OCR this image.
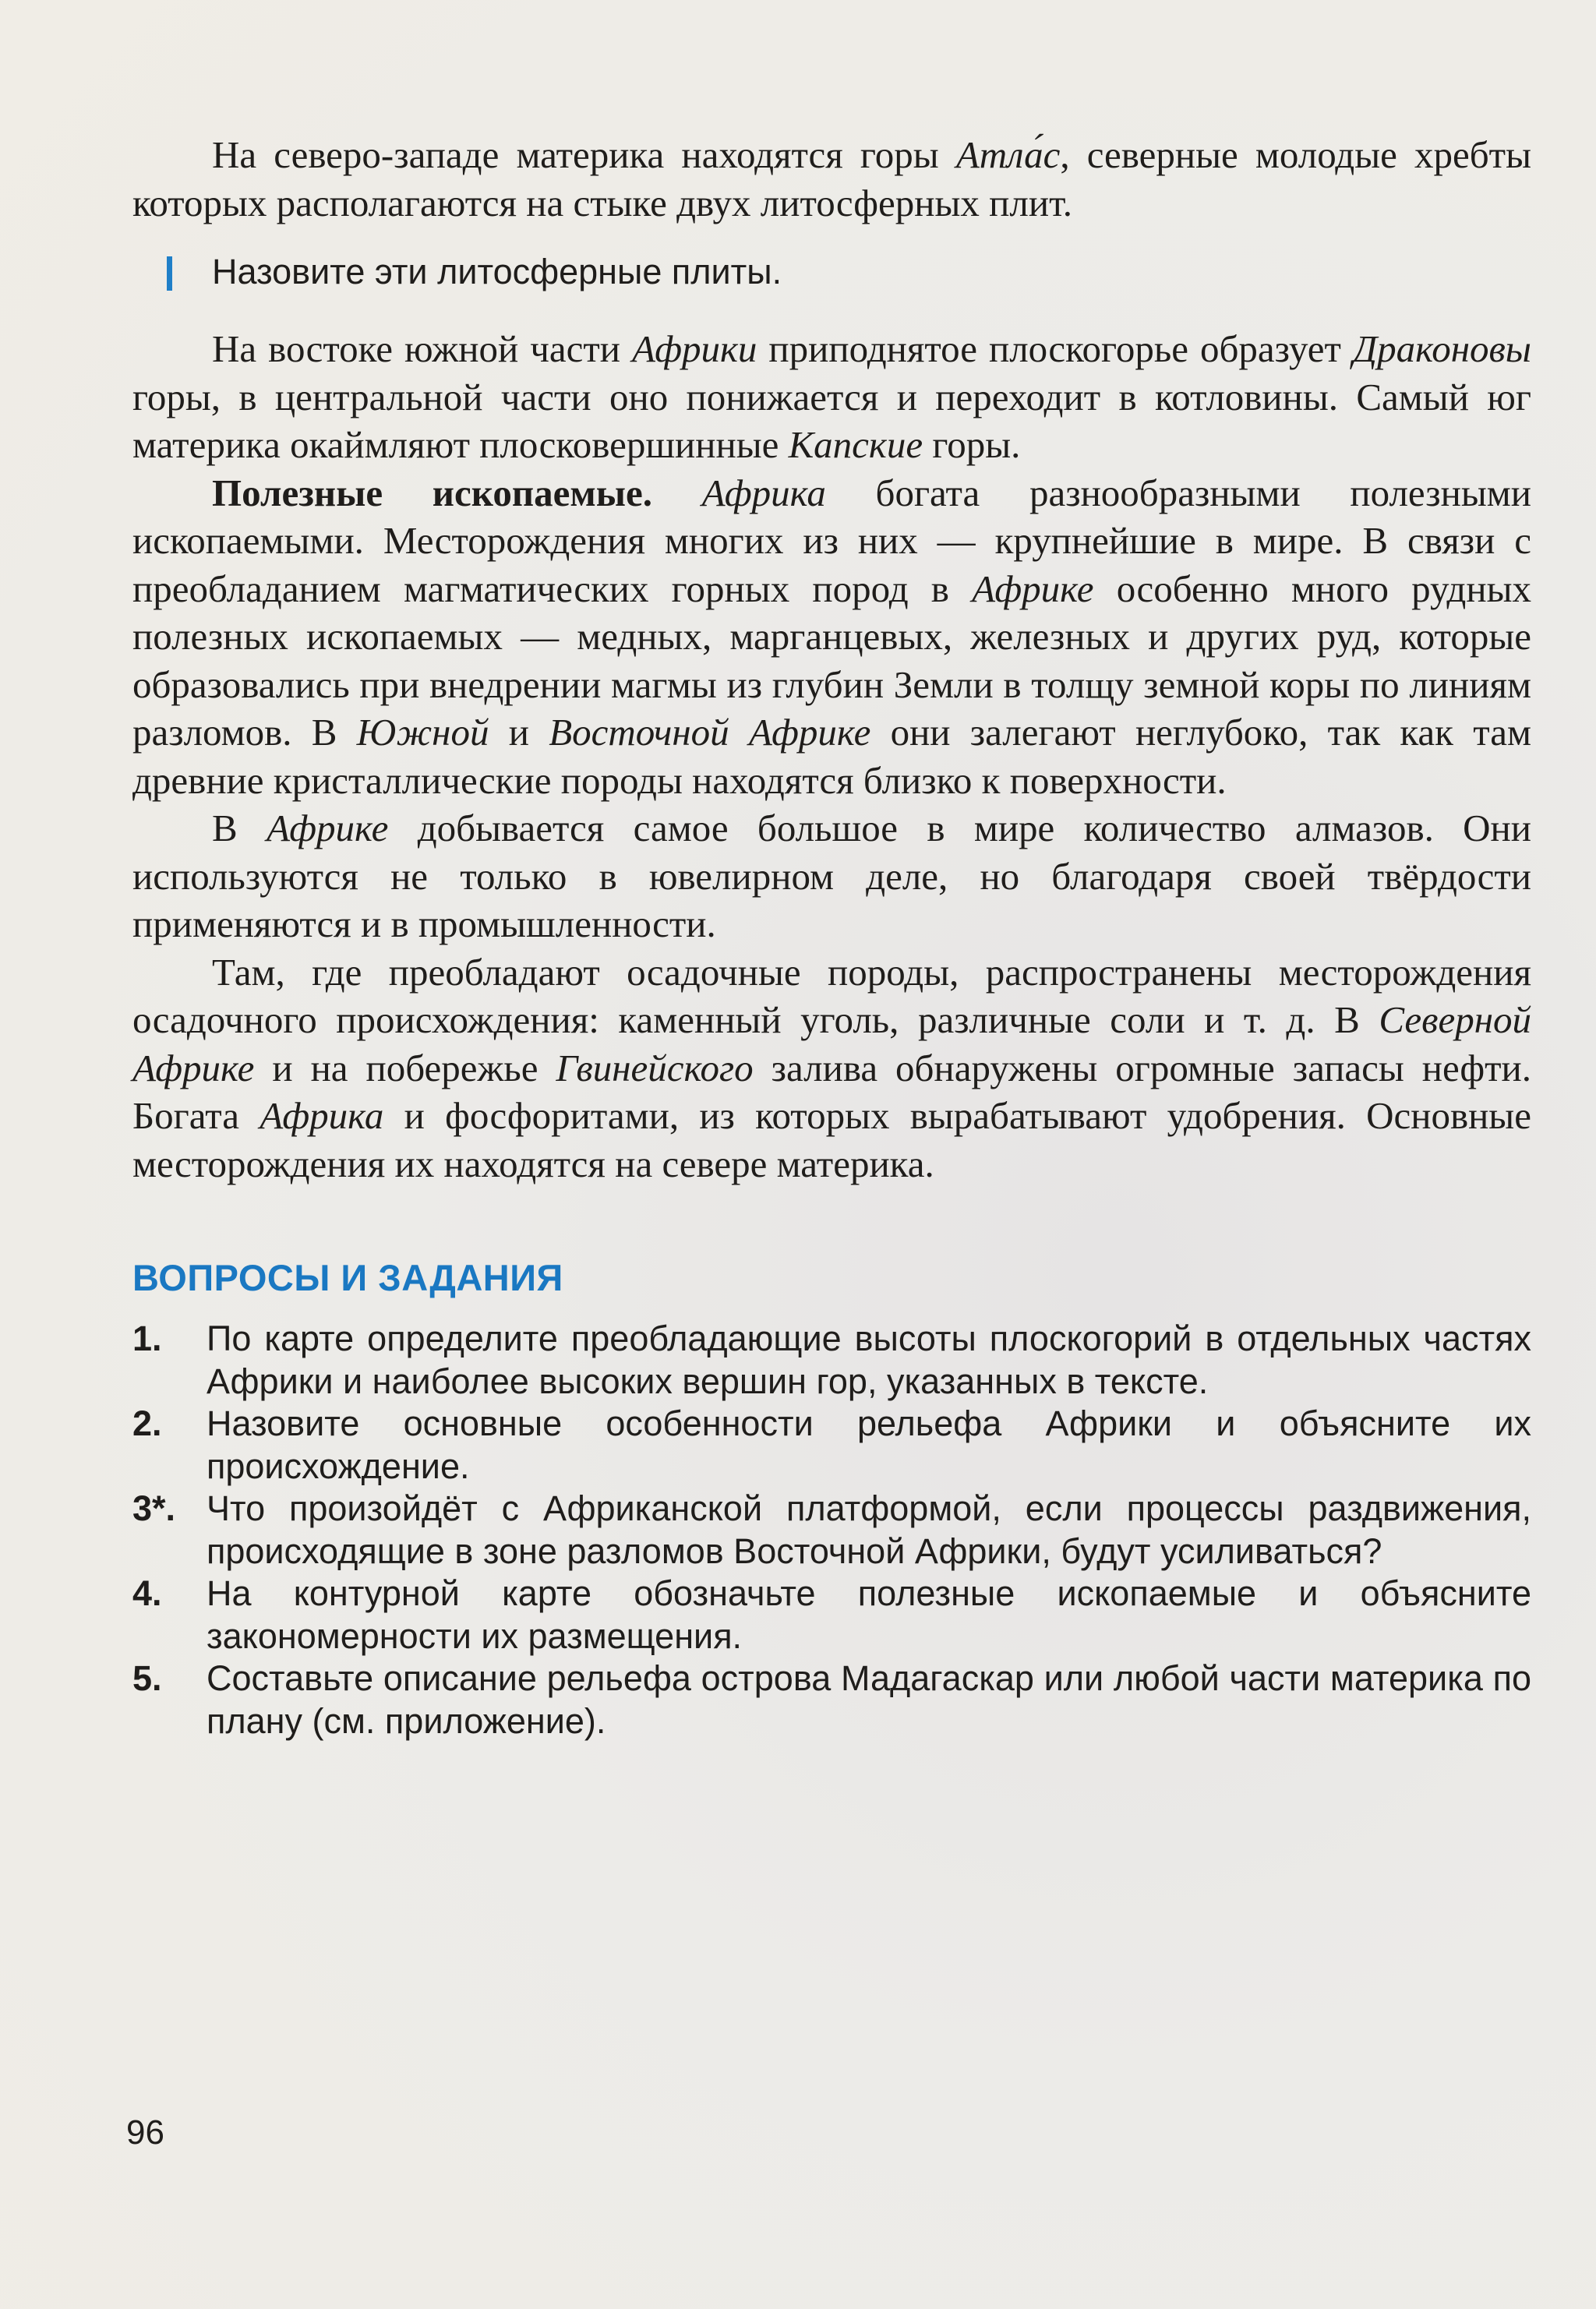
На северо-западе материка находятся горы Атла́с, северные молодые хребты которых располагаются на стыке двух литосферных плит.

Назовите эти литосферные плиты.

На востоке южной части Африки приподнятое плоскогорье образует Драконовы горы, в центральной части оно понижается и переходит в котловины. Самый юг материка окаймляют плосковершинные Капские горы.

Полезные ископаемые. Африка богата разнообразными полезными ископаемыми. Месторождения многих из них — крупнейшие в мире. В связи с преобладанием магматических горных пород в Африке особенно много рудных полезных ископаемых — медных, марганцевых, железных и других руд, которые образовались при внедрении магмы из глубин Земли в толщу земной коры по линиям разломов. В Южной и Восточной Африке они залегают неглубоко, так как там древние кристаллические породы находятся близко к поверхности.

В Африке добывается самое большое в мире количество алмазов. Они используются не только в ювелирном деле, но благодаря своей твёрдости применяются и в промышленности.

Там, где преобладают осадочные породы, распространены месторождения осадочного происхождения: каменный уголь, различные соли и т. д. В Северной Африке и на побережье Гвинейского залива обнаружены огромные запасы нефти. Богата Африка и фосфоритами, из которых вырабатывают удобрения. Основные месторождения их находятся на севере материка.

ВОПРОСЫ И ЗАДАНИЯ
1. По карте определите преобладающие высоты плоскогорий в отдельных частях Африки и наиболее высоких вершин гор, указанных в тексте.
2. Назовите основные особенности рельефа Африки и объясните их происхождение.
3*. Что произойдёт с Африканской платформой, если процессы раздвижения, происходящие в зоне разломов Восточной Африки, будут усиливаться?
4. На контурной карте обозначьте полезные ископаемые и объясните закономерности их размещения.
5. Составьте описание рельефа острова Мадагаскар или любой части материка по плану (см. приложение).
96
